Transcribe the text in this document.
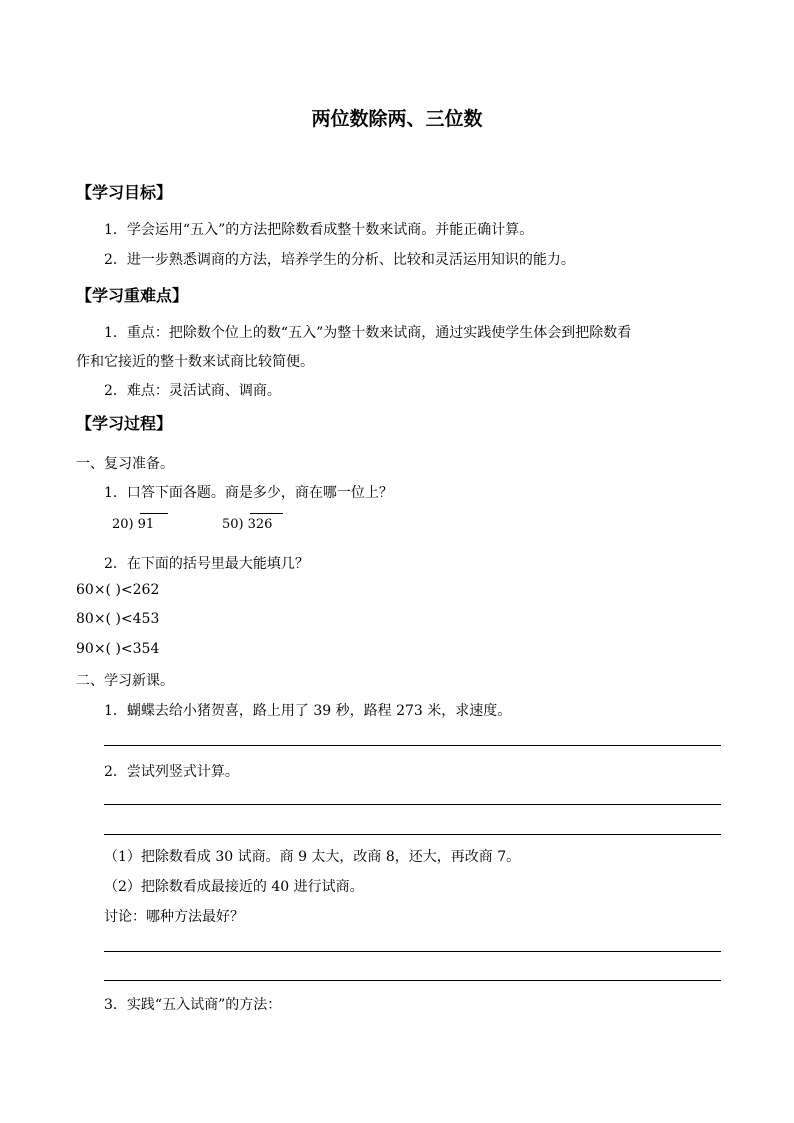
两位数除两、三位数
【学习目标】
1．学会运用“五入”的方法把除数看成整十数来试商。并能正确计算。
2．进一步熟悉调商的方法，培养学生的分析、比较和灵活运用知识的能力。
【学习重难点】
1．重点：把除数个位上的数“五入”为整十数来试商，通过实践使学生体会到把除数看
作和它接近的整十数来试商比较简便。
2．难点：灵活试商、调商。
【学习过程】
一、复习准备。
1．口答下面各题。商是多少，商在哪一位上？
20) 91	50) 326
2．在下面的括号里最大能填几？
60×( )<262
80×( )<453
90×( )<354
二、学习新课。
1．蝴蝶去给小猪贺喜，路上用了 39 秒，路程 273 米，求速度。
2．尝试列竖式计算。
（1）把除数看成 30 试商。商 9 太大，改商 8，还大，再改商 7。
（2）把除数看成最接近的 40 进行试商。
讨论：哪种方法最好？
3．实践“五入试商”的方法：
